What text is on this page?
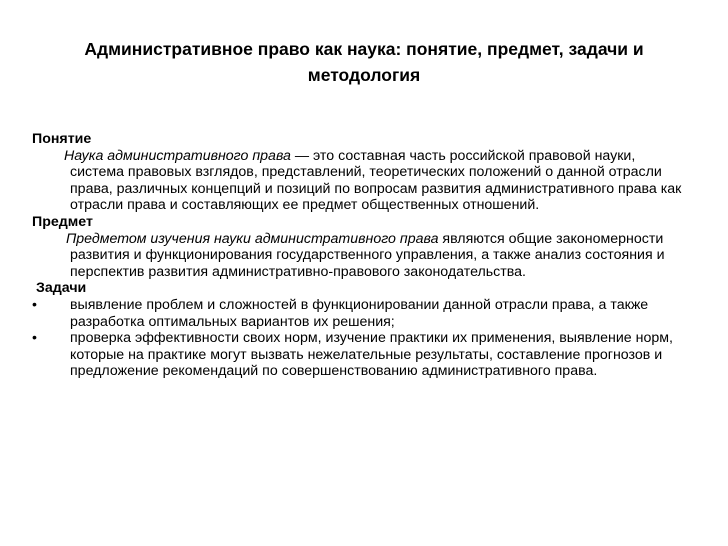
Административное право как наука: понятие, предмет, задачи и методология
Понятие
Наука административного права — это составная часть российской правовой науки, система правовых взглядов, представлений, теоретических положений о данной отрасли права, различных концепций и позиций по вопросам развития административного права как отрасли права и составляющих ее предмет общественных отношений.
Предмет
Предметом изучения науки административного права являются общие закономерности развития и функционирования государственного управления, а также анализ состояния и перспектив развития административно-правового законодательства.
Задачи
• выявление проблем и сложностей в функционировании данной отрасли права, а также разработка оптимальных вариантов их решения;
• проверка эффективности своих норм, изучение практики их применения, выявление норм, которые на практике могут вызвать нежелательные результаты, составление прогнозов и предложение рекомендаций по совершенствованию административного права.
